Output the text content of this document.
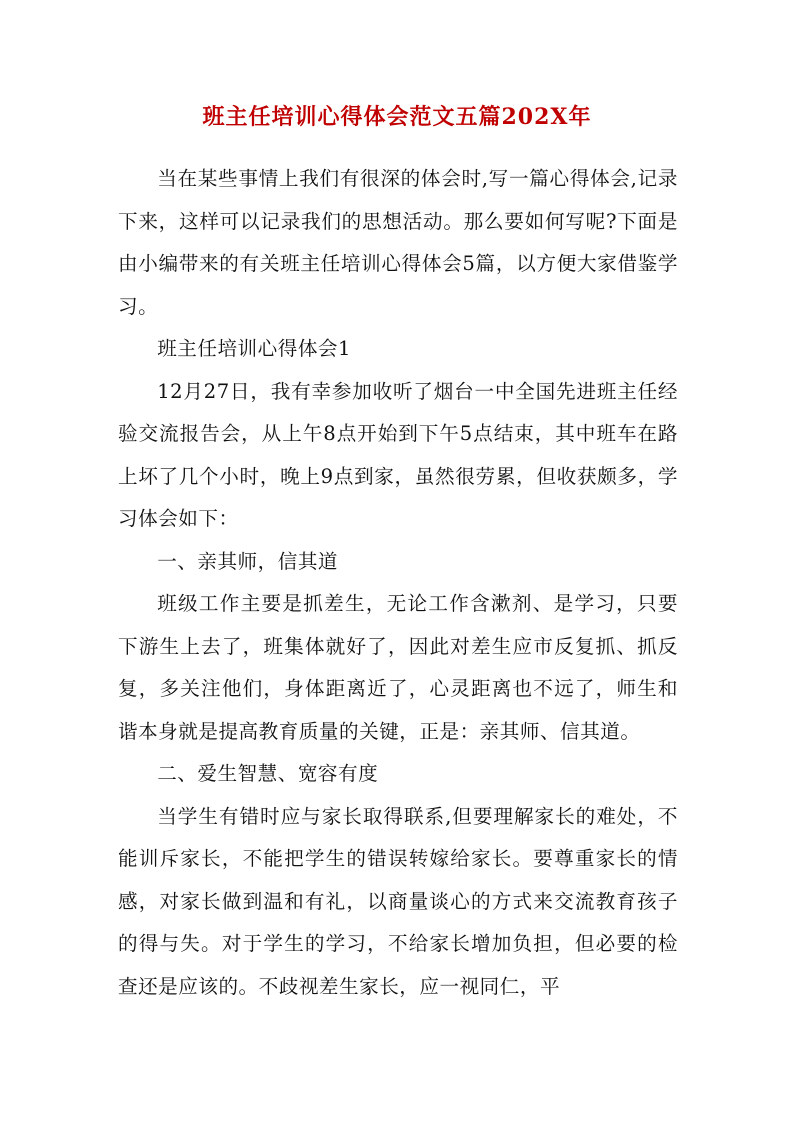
班主任培训心得体会范文五篇202X年

当在某些事情上我们有很深的体会时,写一篇心得体会,记录下来，这样可以记录我们的思想活动。那么要如何写呢?下面是由小编带来的有关班主任培训心得体会5篇，以方便大家借鉴学习。

班主任培训心得体会1

12月27日，我有幸参加收听了烟台一中全国先进班主任经验交流报告会，从上午8点开始到下午5点结束，其中班车在路上坏了几个小时，晚上9点到家，虽然很劳累，但收获颇多，学习体会如下：

一、亲其师，信其道

班级工作主要是抓差生，无论工作含漱剂、是学习，只要下游生上去了，班集体就好了，因此对差生应市反复抓、抓反复，多关注他们，身体距离近了，心灵距离也不远了，师生和谐本身就是提高教育质量的关键，正是：亲其师、信其道。

二、爱生智慧、宽容有度

当学生有错时应与家长取得联系,但要理解家长的难处，不能训斥家长，不能把学生的错误转嫁给家长。要尊重家长的情感，对家长做到温和有礼，以商量谈心的方式来交流教育孩子的得与失。对于学生的学习，不给家长增加负担，但必要的检查还是应该的。不歧视差生家长，应一视同仁，平
